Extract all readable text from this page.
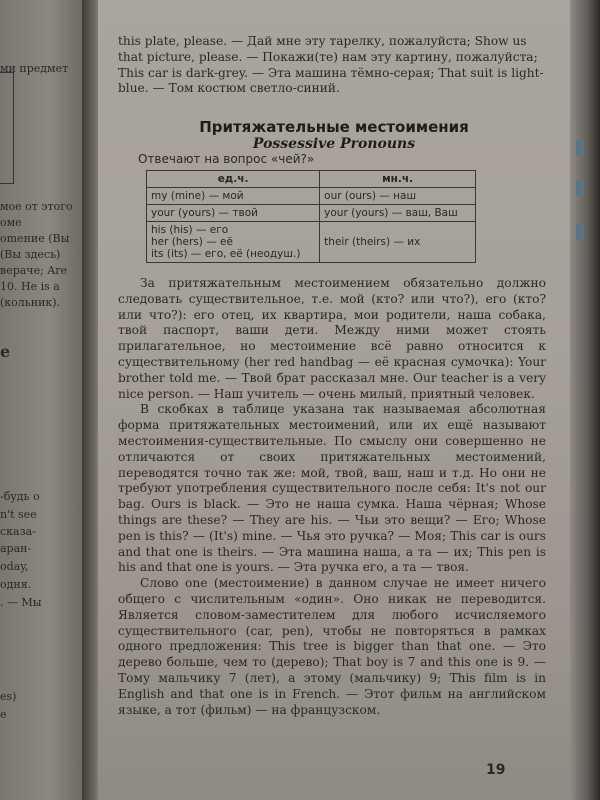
ми предмет
мое от этого
оме
оmение (Вы
(Вы здесь)
вераче; Are
10. Не is a
(кольник).
е
-будь о
n't see
сказа-
аран-
oday,
одня.
. — Мы
es)
е

this plate, please. — Дай мне эту тарелку, пожалуйста; Show us

that picture, please. — Покажи(те) нам эту картину, пожалуйста;

This car is dark-grey. — Эта машина тёмно-серая; That suit is light-

blue. — Том костюм светло-синий.

Притяжательные местоимения
Possessive Pronouns
Отвечают на вопрос «чей?»
ед.ч.	мн.ч.
my (mine) — мой	our (ours) — наш
your (yours) — твой	your (yours) — ваш, Ваш

his (his) — его
her (hers) — её
its (its) — его, её (неодуш.)	their (theirs) — их

За притяжательным местоимением обязательно должно следовать существительное, т.е. мой (кто? или что?), его (кто? или что?): его отец, их квартира, мои родители, наша собака, твой паспорт, ваши дети. Между ними может стоять прилагательное, но местоимение всё равно относится к существительному (her red handbag — её красная сумочка): Your brother told me. — Твой брат рассказал мне. Our teacher is a very nice person. — Наш учитель — очень милый, приятный человек.

В скобках в таблице указана так называемая абсолютная форма притяжательных местоимений, или их ещё называют местоимения-существительные. По смыслу они совершенно не отличаются от своих притяжательных местоимений, переводятся точно так же: мой, твой, ваш, наш и т.д. Но они не требуют употребления существительного после себя: It's not our bag. Ours is black. — Это не наша сумка. Наша чёрная; Whose things are these? — They are his. — Чьи это вещи? — Его; Whose pen is this? — (It's) mine. — Чья это ручка? — Моя; This car is ours and that one is theirs. — Эта машина наша, а та — их; This pen is his and that one is yours. — Эта ручка его, а та — твоя.

Слово one (местоимение) в данном случае не имеет ничего общего с числительным «один». Оно никак не переводится. Является словом-заместителем для любого исчисляемого существительного (car, pen), чтобы не повторяться в рамках одного предложения: This tree is bigger than that one. — Это дерево больше, чем то (дерево); That boy is 7 and this one is 9. — Тому мальчику 7 (лет), а этому (мальчику) 9; This film is in English and that one is in French. — Этот фильм на английском языке, а тот (фильм) — на французском.

19
